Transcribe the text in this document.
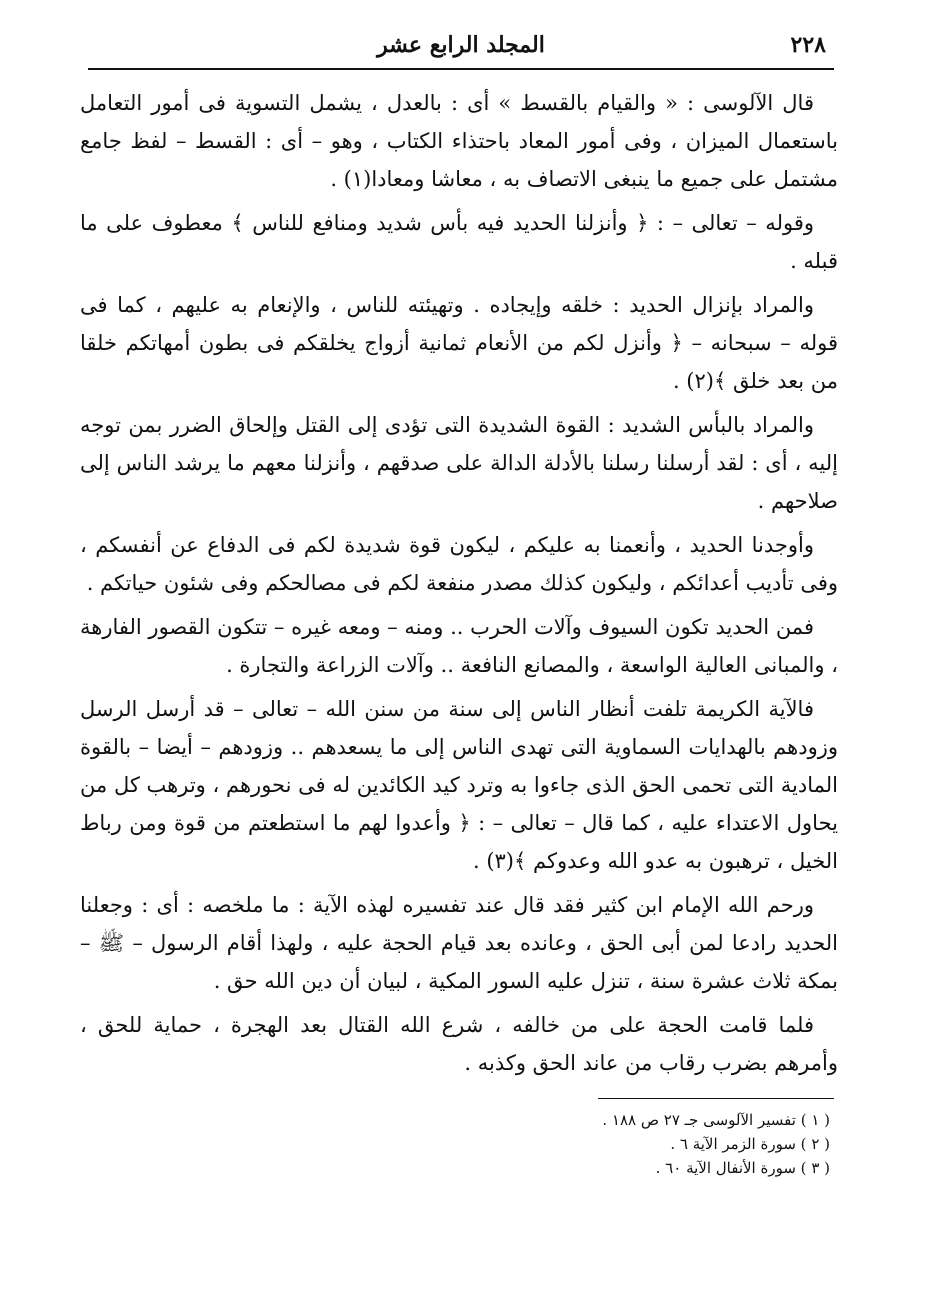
٢٢٨
المجلد الرابع عشر

قال الآلوسى : « والقيام بالقسط » أى : بالعدل ، يشمل التسوية فى أمور التعامل باستعمال الميزان ، وفى أمور المعاد باحتذاء الكتاب ، وهو – أى : القسط – لفظ جامع مشتمل على جميع ما ينبغى الاتصاف به ، معاشا ومعادا(١) .

وقوله – تعالى – : ﴿ وأنزلنا الحديد فيه بأس شديد ومنافع للناس ﴾ معطوف على ما قبله .

والمراد بإنزال الحديد : خلقه وإيجاده . وتهيئته للناس ، والإنعام به عليهم ، كما فى قوله – سبحانه – ﴿ وأنزل لكم من الأنعام ثمانية أزواج يخلقكم فى بطون أمهاتكم خلقا من بعد خلق ﴾(٢) .

والمراد بالبأس الشديد : القوة الشديدة التى تؤدى إلى القتل وإلحاق الضرر بمن توجه إليه ، أى : لقد أرسلنا رسلنا بالأدلة الدالة على صدقهم ، وأنزلنا معهم ما يرشد الناس إلى صلاحهم .

وأوجدنا الحديد ، وأنعمنا به عليكم ، ليكون قوة شديدة لكم فى الدفاع عن أنفسكم ، وفى تأديب أعدائكم ، وليكون كذلك مصدر منفعة لكم فى مصالحكم وفى شئون حياتكم .

فمن الحديد تكون السيوف وآلات الحرب .. ومنه – ومعه غيره – تتكون القصور الفارهة ، والمبانى العالية الواسعة ، والمصانع النافعة .. وآلات الزراعة والتجارة .

فالآية الكريمة تلفت أنظار الناس إلى سنة من سنن الله – تعالى – قد أرسل الرسل وزودهم بالهدايات السماوية التى تهدى الناس إلى ما يسعدهم .. وزودهم – أيضا – بالقوة المادية التى تحمى الحق الذى جاءوا به وترد كيد الكائدين له فى نحورهم ، وترهب كل من يحاول الاعتداء عليه ، كما قال – تعالى – : ﴿ وأعدوا لهم ما استطعتم من قوة ومن رباط الخيل ، ترهبون به عدو الله وعدوكم ﴾(٣) .

ورحم الله الإمام ابن كثير فقد قال عند تفسيره لهذه الآية : ما ملخصه : أى : وجعلنا الحديد رادعا لمن أبى الحق ، وعانده بعد قيام الحجة عليه ، ولهذا أقام الرسول – ﷺ – بمكة ثلاث عشرة سنة ، تنزل عليه السور المكية ، لبيان أن دين الله حق .

فلما قامت الحجة على من خالفه ، شرع الله القتال بعد الهجرة ، حماية للحق ، وأمرهم بضرب رقاب من عاند الحق وكذبه .

( ١ ) تفسير الآلوسى جـ ٢٧ ص ١٨٨ .
( ٢ ) سورة الزمر الآية ٦ .
( ٣ ) سورة الأنفال الآية ٦٠ .
